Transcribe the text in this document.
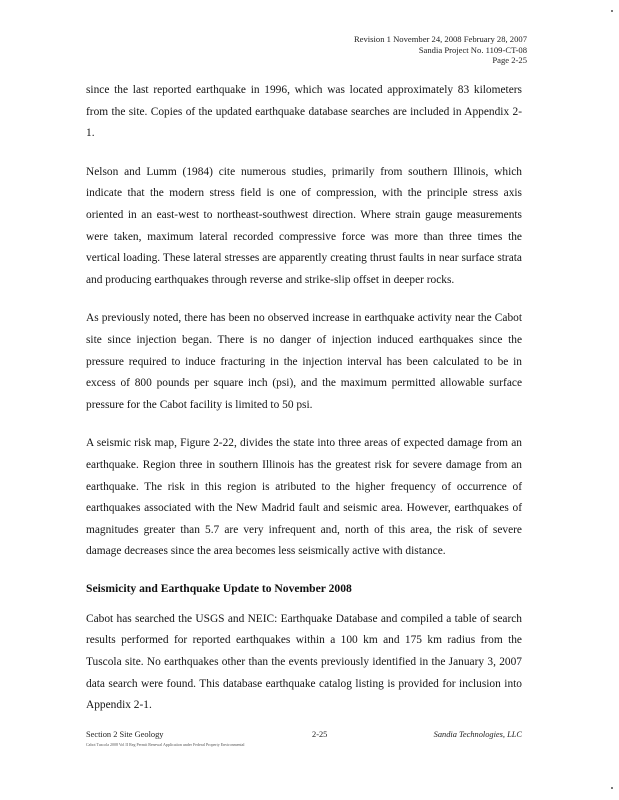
Revision 1 November 24, 2008 February 28, 2007
Sandia Project No. 1109-CT-08
Page 2-25

since the last reported earthquake in 1996, which was located approximately 83 kilometers from the site. Copies of the updated earthquake database searches are included in Appendix 2-1.

Nelson and Lumm (1984) cite numerous studies, primarily from southern Illinois, which indicate that the modern stress field is one of compression, with the principle stress axis oriented in an east-west to northeast-southwest direction. Where strain gauge measurements were taken, maximum lateral recorded compressive force was more than three times the vertical loading. These lateral stresses are apparently creating thrust faults in near surface strata and producing earthquakes through reverse and strike-slip offset in deeper rocks.

As previously noted, there has been no observed increase in earthquake activity near the Cabot site since injection began. There is no danger of injection induced earthquakes since the pressure required to induce fracturing in the injection interval has been calculated to be in excess of 800 pounds per square inch (psi), and the maximum permitted allowable surface pressure for the Cabot facility is limited to 50 psi.

A seismic risk map, Figure 2-22, divides the state into three areas of expected damage from an earthquake. Region three in southern Illinois has the greatest risk for severe damage from an earthquake. The risk in this region is atributed to the higher frequency of occurrence of earthquakes associated with the New Madrid fault and seismic area. However, earthquakes of magnitudes greater than 5.7 are very infrequent and, north of this area, the risk of severe damage decreases since the area becomes less seismically active with distance.

Seismicity and Earthquake Update to November 2008

Cabot has searched the USGS and NEIC: Earthquake Database and compiled a table of search results performed for reported earthquakes within a 100 km and 175 km radius from the Tuscola site. No earthquakes other than the events previously identified in the January 3, 2007 data search were found. This database earthquake catalog listing is provided for inclusion into Appendix 2-1.

Section 2 Site Geology	2-25	Sandia Technologies, LLC
Cabot Tuscola 2008 Vol II Reg Permit Renewal Application under Federal Property Environmental
